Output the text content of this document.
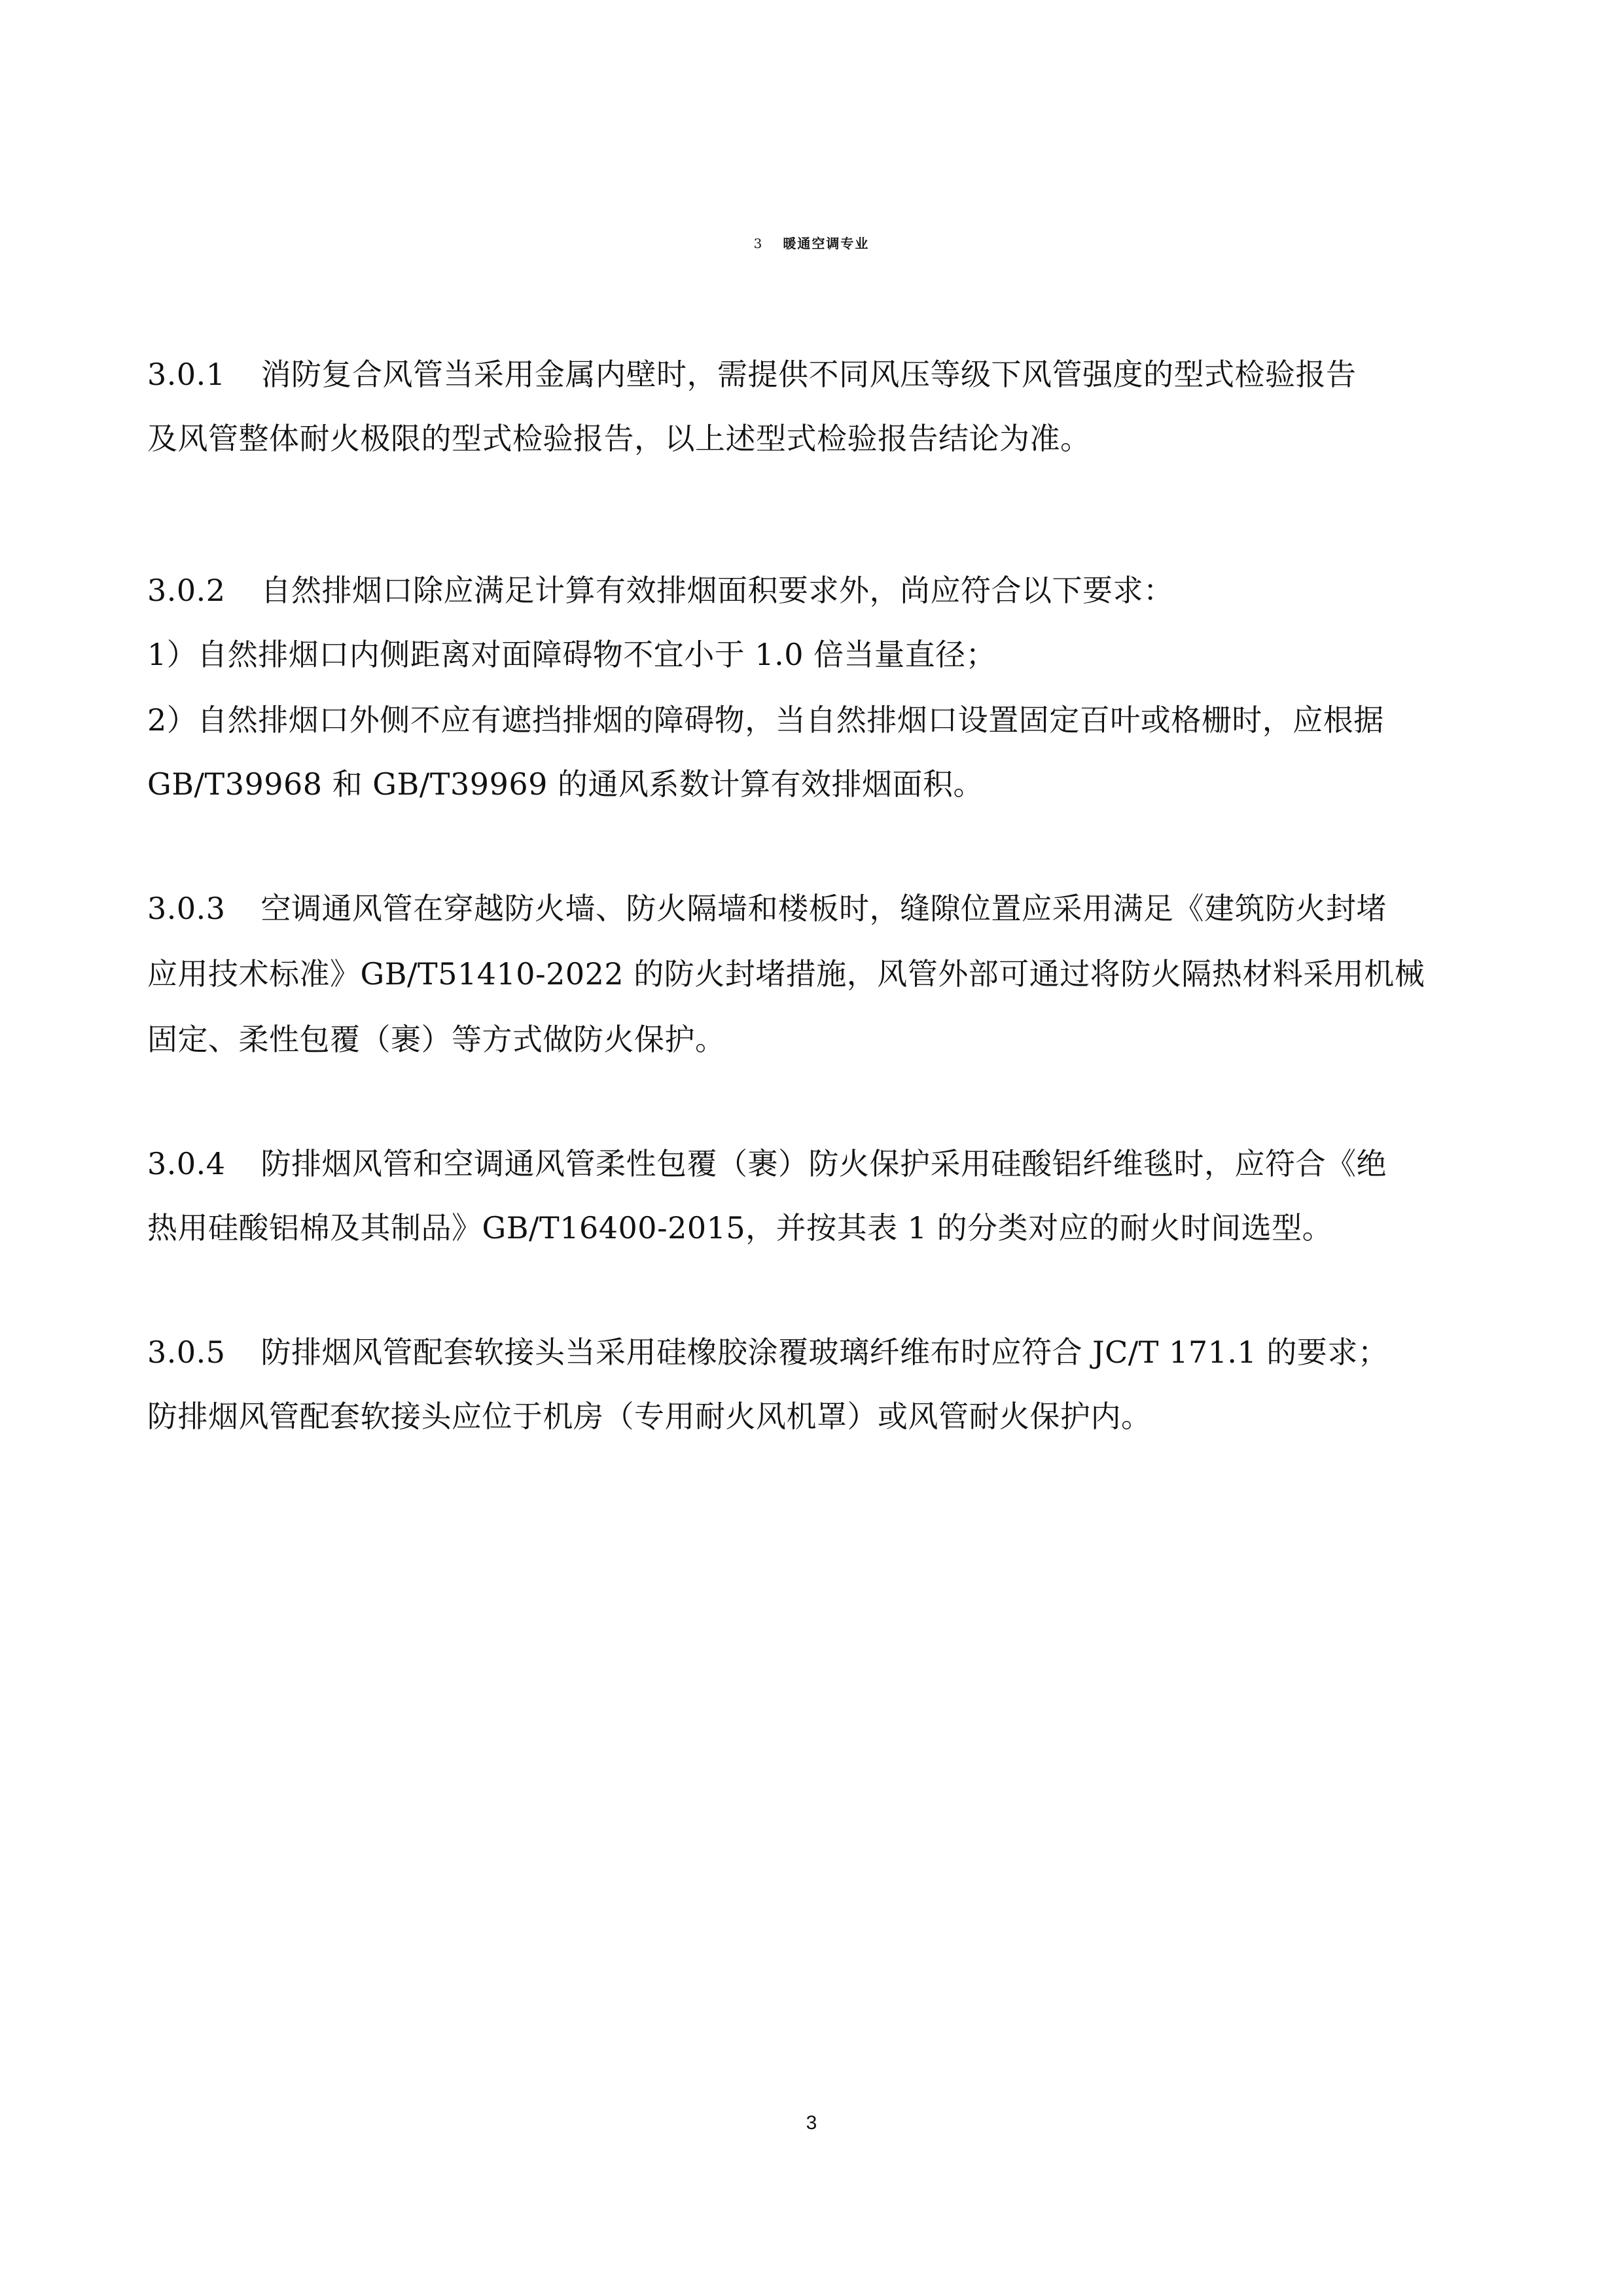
3 暖通空调专业
3.0.1 消防复合风管当采用金属内壁时，需提供不同风压等级下风管强度的型式检验报告
及风管整体耐火极限的型式检验报告，以上述型式检验报告结论为准。
3.0.2 自然排烟口除应满足计算有效排烟面积要求外，尚应符合以下要求：
1）自然排烟口内侧距离对面障碍物不宜小于 1.0 倍当量直径；
2）自然排烟口外侧不应有遮挡排烟的障碍物，当自然排烟口设置固定百叶或格栅时，应根据
GB/T39968 和 GB/T39969 的通风系数计算有效排烟面积。
3.0.3 空调通风管在穿越防火墙、防火隔墙和楼板时，缝隙位置应采用满足《建筑防火封堵
应用技术标准》GB/T51410-2022 的防火封堵措施，风管外部可通过将防火隔热材料采用机械
固定、柔性包覆（裹）等方式做防火保护。
3.0.4 防排烟风管和空调通风管柔性包覆（裹）防火保护采用硅酸铝纤维毯时，应符合《绝
热用硅酸铝棉及其制品》GB/T16400-2015，并按其表 1 的分类对应的耐火时间选型。
3.0.5 防排烟风管配套软接头当采用硅橡胶涂覆玻璃纤维布时应符合 JC/T 171.1 的要求；
防排烟风管配套软接头应位于机房（专用耐火风机罩）或风管耐火保护内。
3
